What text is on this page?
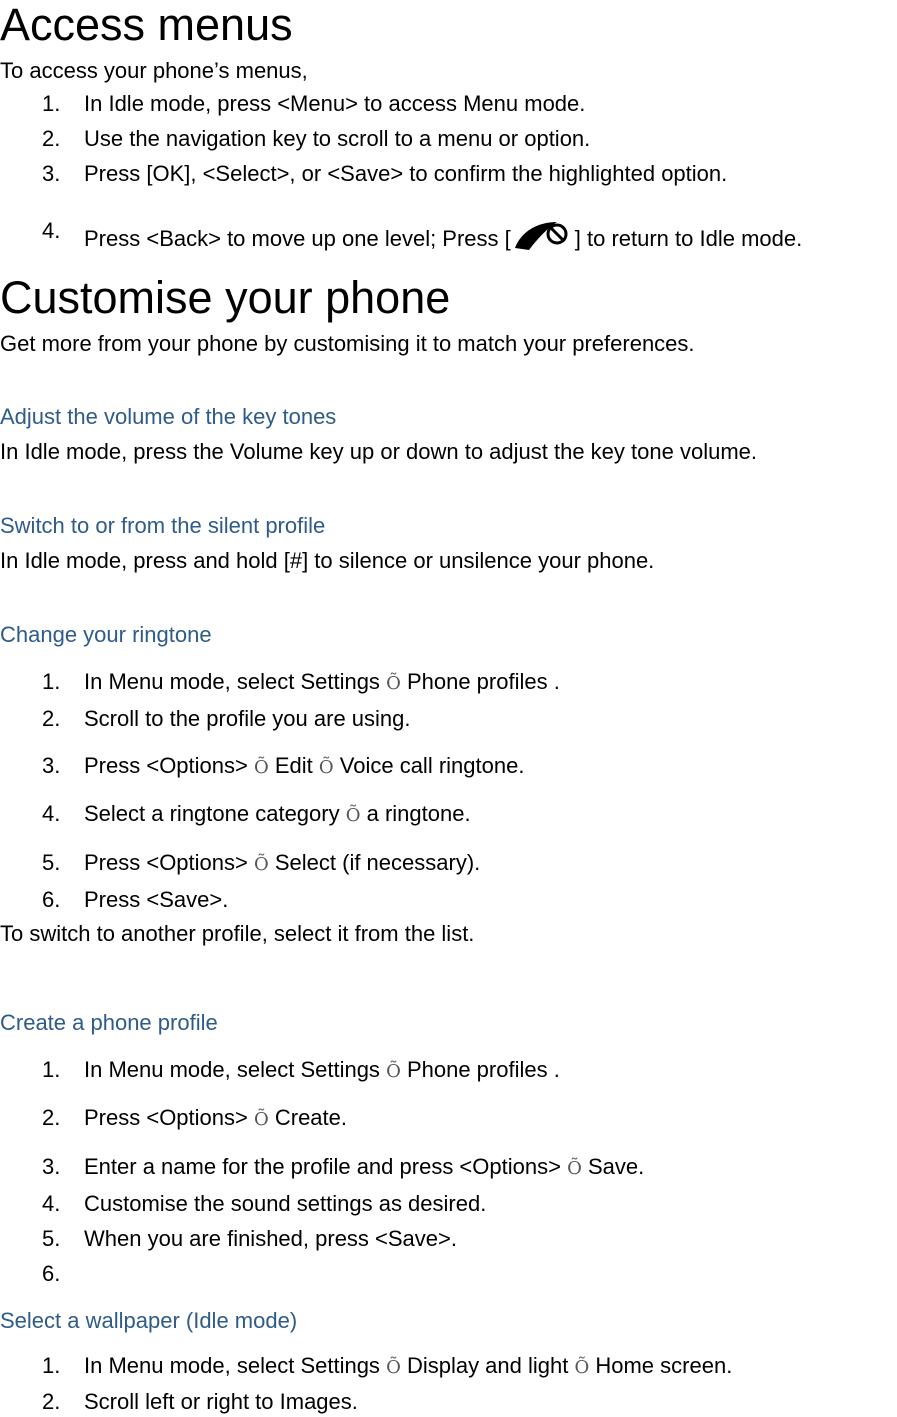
Access menus
To access your phone’s menus,
1. In Idle mode, press <Menu> to access Menu mode.
2. Use the navigation key to scroll to a menu or option.
3. Press [OK], <Select>, or <Save> to confirm the highlighted option.
4. Press <Back> to move up one level; Press [	] to return to Idle mode.
Customise your phone
Get more from your phone by customising it to match your preferences.
Adjust the volume of the key tones
In Idle mode, press the Volume key up or down to adjust the key tone volume.
Switch to or from the silent profile
In Idle mode, press and hold [#] to silence or unsilence your phone.
Change your ringtone
1. In Menu mode, select Settings Õ Phone profiles .
2. Scroll to the profile you are using.
3. Press <Options> Õ Edit Õ Voice call ringtone.
4. Select a ringtone category Õ a ringtone.
5. Press <Options> Õ Select (if necessary).
6. Press <Save>.
To switch to another profile, select it from the list.
Create a phone profile
1. In Menu mode, select Settings Õ Phone profiles .
2. Press <Options> Õ Create.
3. Enter a name for the profile and press <Options> Õ Save.
4. Customise the sound settings as desired.
5. When you are finished, press <Save>.
6.
Select a wallpaper (Idle mode)
1. In Menu mode, select Settings Õ Display and light Õ Home screen.
2. Scroll left or right to Images.
